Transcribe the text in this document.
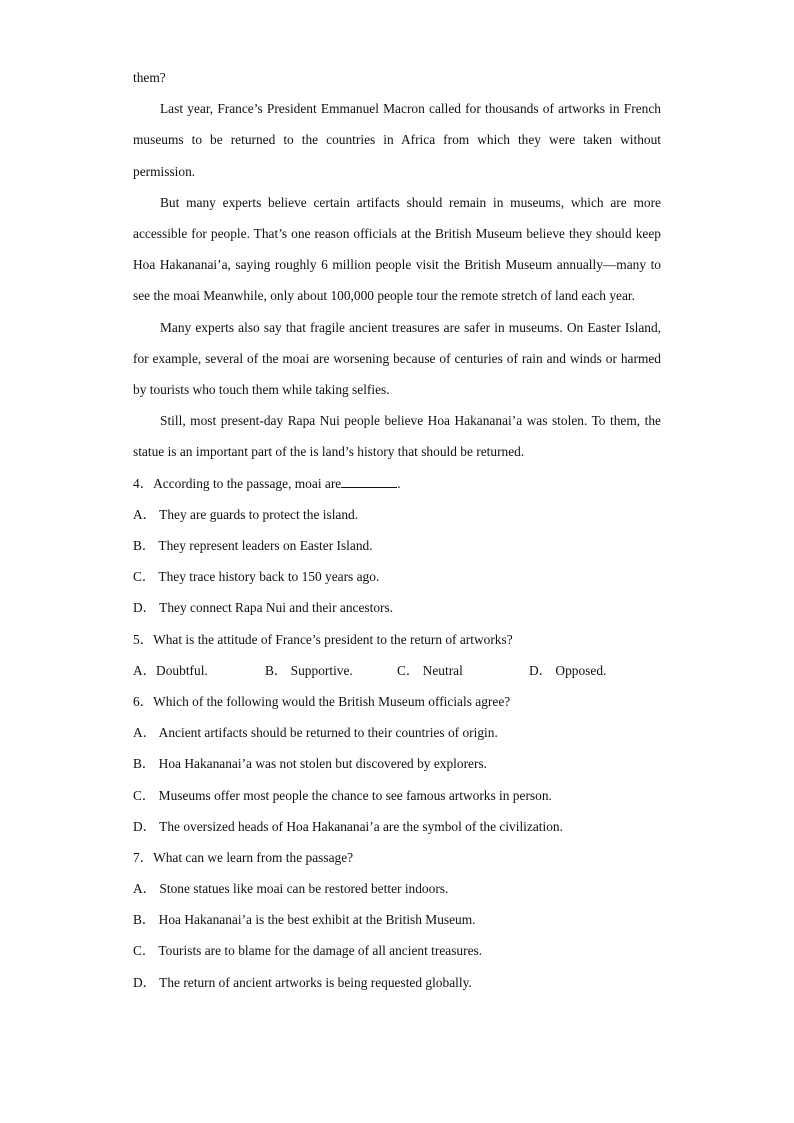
them?

Last year, France’s President Emmanuel Macron called for thousands of artworks in French museums to be returned to the countries in Africa from which they were taken without permission.

But many experts believe certain artifacts should remain in museums, which are more accessible for people. That’s one reason officials at the British Museum believe they should keep Hoa Hakananai’a, saying roughly 6 million people visit the British Museum annually—many to see the moai Meanwhile, only about 100,000 people tour the remote stretch of land each year.

Many experts also say that fragile ancient treasures are safer in museums. On Easter Island, for example, several of the moai are worsening because of centuries of rain and winds or harmed by tourists who touch them while taking selfies.

Still, most present-day Rapa Nui people believe Hoa Hakananai’a was stolen. To them, the statue is an important part of the is land’s history that should be returned.

4．According to the passage, moai are	.
A． They are guards to protect the island.
B． They represent leaders on Easter Island.
C． They trace history back to 150 years ago.
D． They connect Rapa Nui and their ancestors.
5．What is the attitude of France’s president to the return of artworks?
A．Doubtful.	B． Supportive.	C． Neutral	D． Opposed.
6．Which of the following would the British Museum officials agree?
A． Ancient artifacts should be returned to their countries of origin.
B． Hoa Hakananai’a was not stolen but discovered by explorers.
C． Museums offer most people the chance to see famous artworks in person.
D． The oversized heads of Hoa Hakananai’a are the symbol of the civilization.
7．What can we learn from the passage?
A． Stone statues like moai can be restored better indoors.
B． Hoa Hakananai’a is the best exhibit at the British Museum.
C． Tourists are to blame for the damage of all ancient treasures.
D． The return of ancient artworks is being requested globally.
